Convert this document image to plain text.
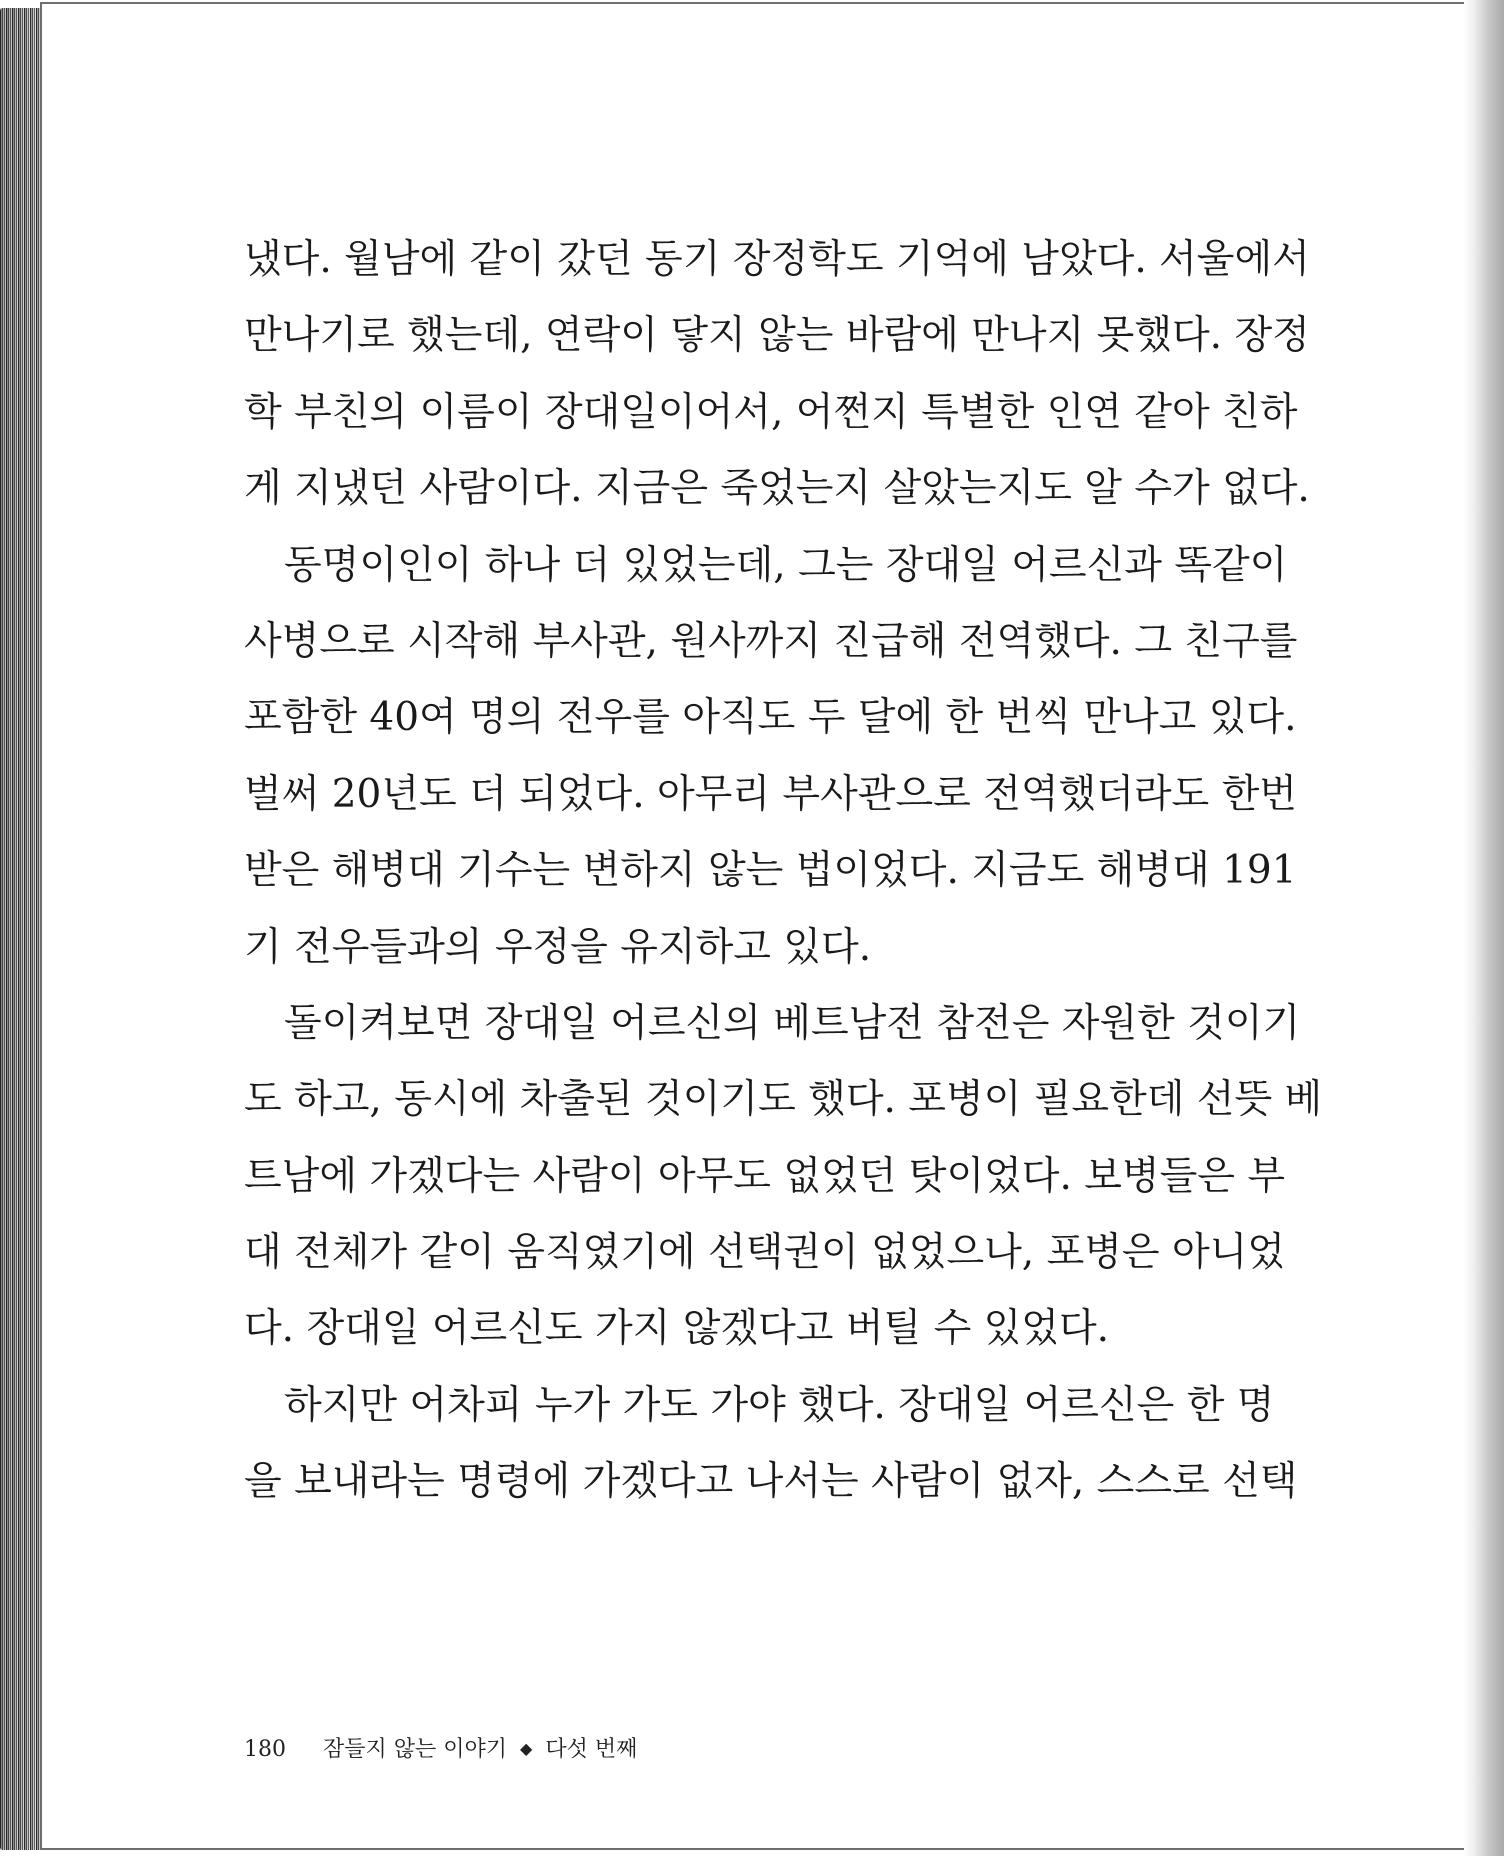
냈다. 월남에 같이 갔던 동기 장정학도 기억에 남았다. 서울에서
만나기로 했는데, 연락이 닿지 않는 바람에 만나지 못했다. 장정
학 부친의 이름이 장대일이어서, 어쩐지 특별한 인연 같아 친하
게 지냈던 사람이다. 지금은 죽었는지 살았는지도 알 수가 없다.
동명이인이 하나 더 있었는데, 그는 장대일 어르신과 똑같이
사병으로 시작해 부사관, 원사까지 진급해 전역했다. 그 친구를
포함한 40여 명의 전우를 아직도 두 달에 한 번씩 만나고 있다.
벌써 20년도 더 되었다. 아무리 부사관으로 전역했더라도 한번
받은 해병대 기수는 변하지 않는 법이었다. 지금도 해병대 191
기 전우들과의 우정을 유지하고 있다.
돌이켜보면 장대일 어르신의 베트남전 참전은 자원한 것이기
도 하고, 동시에 차출된 것이기도 했다. 포병이 필요한데 선뜻 베
트남에 가겠다는 사람이 아무도 없었던 탓이었다. 보병들은 부
대 전체가 같이 움직였기에 선택권이 없었으나, 포병은 아니었
다. 장대일 어르신도 가지 않겠다고 버틸 수 있었다.
하지만 어차피 누가 가도 가야 했다. 장대일 어르신은 한 명
을 보내라는 명령에 가겠다고 나서는 사람이 없자, 스스로 선택
180 잠들지 않는 이야기 ◆ 다섯 번째
